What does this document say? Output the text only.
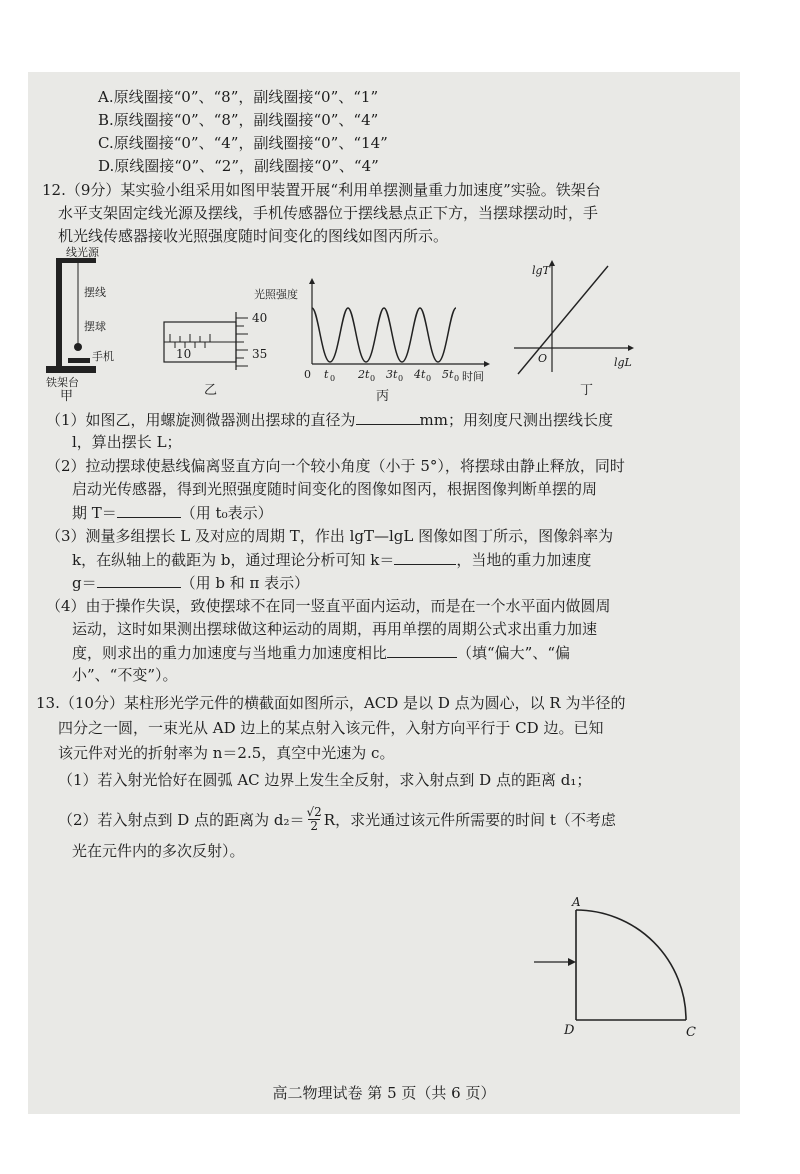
A.原线圈接“0”、“8”，副线圈接“0”、“1”
B.原线圈接“0”、“8”，副线圈接“0”、“4”
C.原线圈接“0”、“4”，副线圈接“0”、“14”
D.原线圈接“0”、“2”，副线圈接“0”、“4”
12.（9分）某实验小组采用如图甲装置开展“利用单摆测量重力加速度”实验。铁架台
水平支架固定线光源及摆线，手机传感器位于摆线悬点正下方，当摆球摆动时，手
机光线传感器接收光照强度随时间变化的图线如图丙所示。
线光源
摆线
摆球
手机
铁架台
甲
40
35
10
乙
光照强度
0 t 0 2t 0 3t 0 4t 0 5t 0 时间
丙
lgT
lgL
O
丁
（1）如图乙，用螺旋测微器测出摆球的直径为	mm；用刻度尺测出摆线长度
l，算出摆长 L；
（2）拉动摆球使悬线偏离竖直方向一个较小角度（小于 5°），将摆球由静止释放，同时
启动光传感器，得到光照强度随时间变化的图像如图丙，根据图像判断单摆的周
期 T＝	（用 t₀表示）
（3）测量多组摆长 L 及对应的周期 T，作出 lgT—lgL 图像如图丁所示，图像斜率为
k，在纵轴上的截距为 b，通过理论分析可知 k＝	，当地的重力加速度
g＝	（用 b 和 π 表示）
（4）由于操作失误，致使摆球不在同一竖直平面内运动，而是在一个水平面内做圆周
运动，这时如果测出摆球做这种运动的周期，再用单摆的周期公式求出重力加速
度，则求出的重力加速度与当地重力加速度相比	（填“偏大”、“偏
小”、“不变”）。
13.（10分）某柱形光学元件的横截面如图所示，ACD 是以 D 点为圆心，以 R 为半径的
四分之一圆，一束光从 AD 边上的某点射入该元件，入射方向平行于 CD 边。已知
该元件对光的折射率为 n＝2.5，真空中光速为 c。
（1）若入射光恰好在圆弧 AC 边界上发生全反射，求入射点到 D 点的距离 d₁；
（2）若入射点到 D 点的距离为 d₂＝ √2
2 R，求光通过该元件所需要的时间 t（不考虑
光在元件内的多次反射）。
A
D	C
高二物理试卷 第 5 页（共 6 页）
